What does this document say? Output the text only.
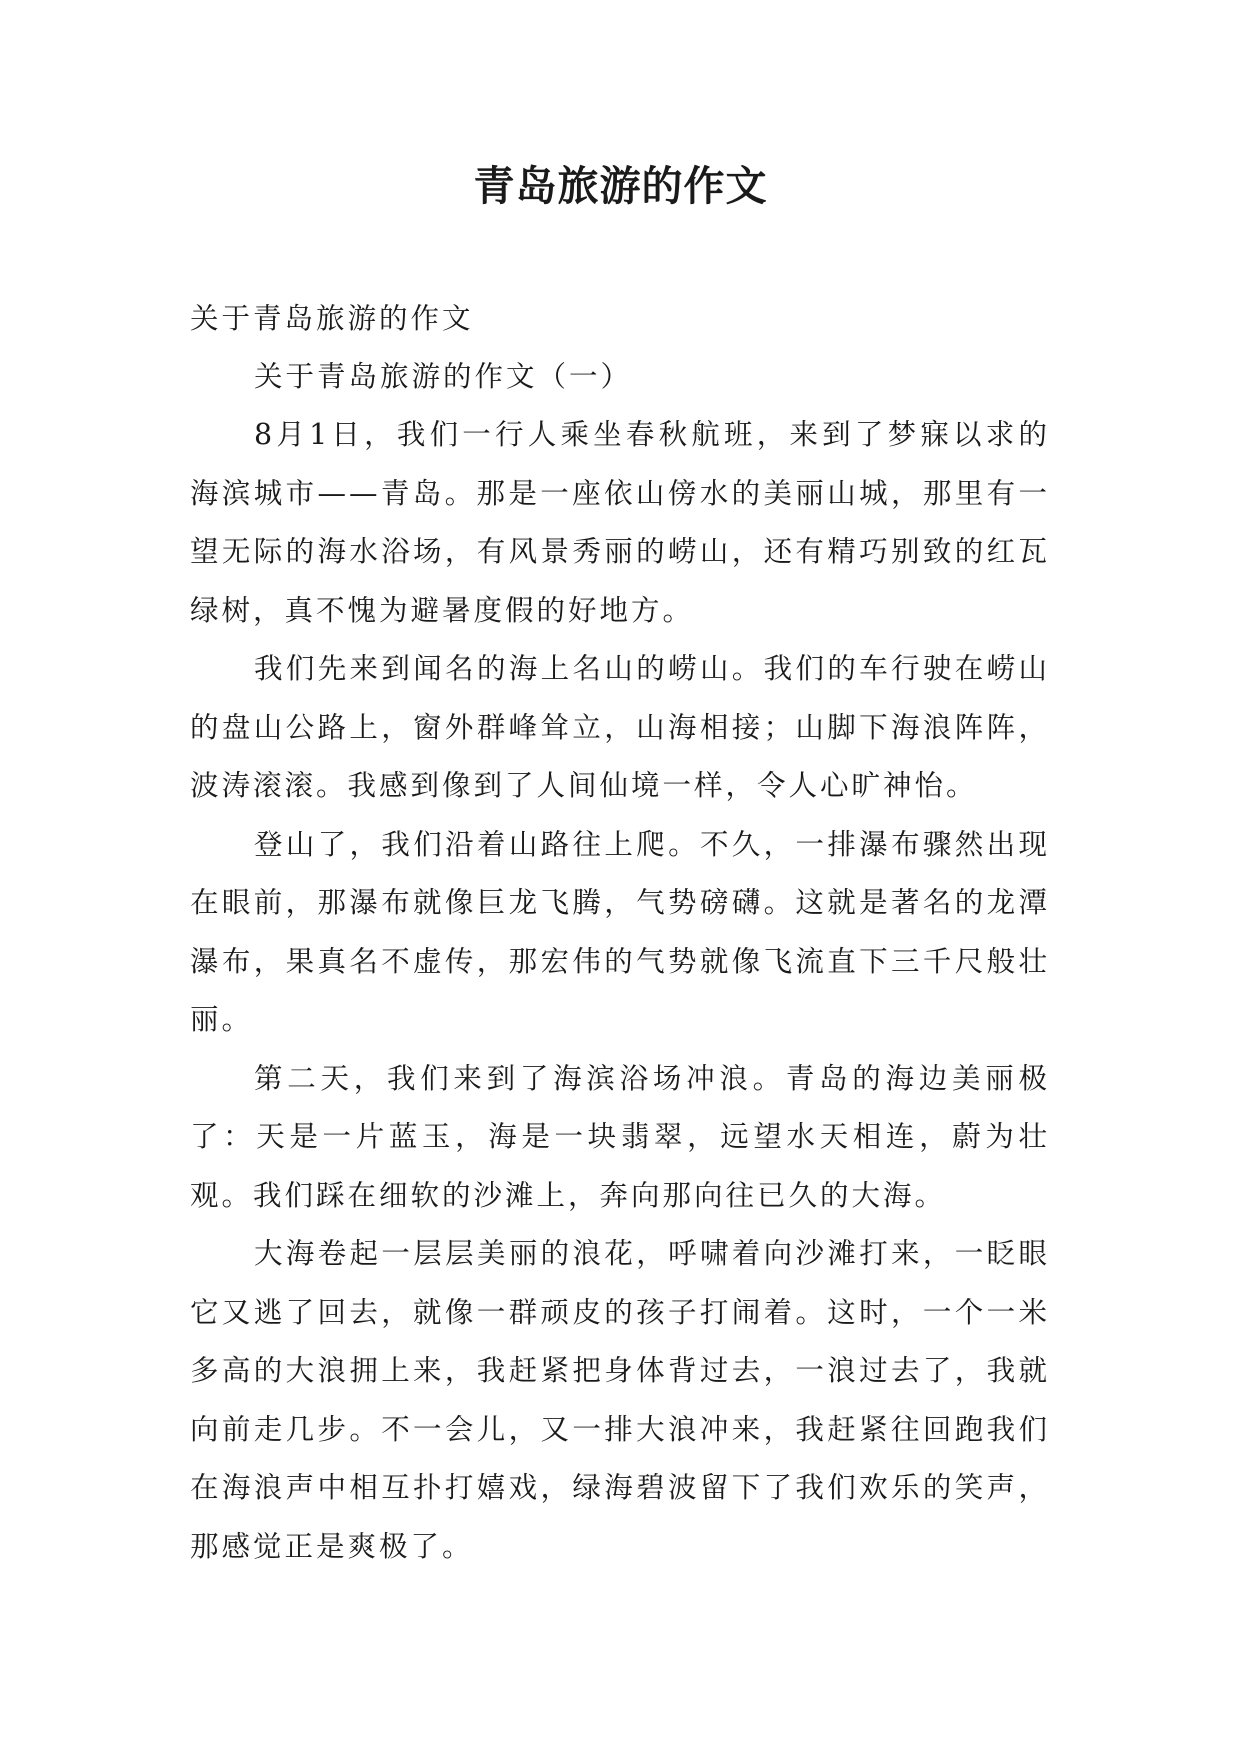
青岛旅游的作文

关于青岛旅游的作文

关于青岛旅游的作文（一）

8月1日，我们一行人乘坐春秋航班，来到了梦寐以求的海滨城市——青岛。那是一座依山傍水的美丽山城，那里有一望无际的海水浴场，有风景秀丽的崂山，还有精巧别致的红瓦绿树，真不愧为避暑度假的好地方。

我们先来到闻名的海上名山的崂山。我们的车行驶在崂山的盘山公路上，窗外群峰耸立，山海相接；山脚下海浪阵阵，波涛滚滚。我感到像到了人间仙境一样，令人心旷神怡。

登山了，我们沿着山路往上爬。不久，一排瀑布骤然出现在眼前，那瀑布就像巨龙飞腾，气势磅礴。这就是著名的龙潭瀑布，果真名不虚传，那宏伟的气势就像飞流直下三千尺般壮丽。

第二天，我们来到了海滨浴场冲浪。青岛的海边美丽极了：天是一片蓝玉，海是一块翡翠，远望水天相连，蔚为壮观。我们踩在细软的沙滩上，奔向那向往已久的大海。

大海卷起一层层美丽的浪花，呼啸着向沙滩打来，一眨眼它又逃了回去，就像一群顽皮的孩子打闹着。这时，一个一米多高的大浪拥上来，我赶紧把身体背过去，一浪过去了，我就向前走几步。不一会儿，又一排大浪冲来，我赶紧往回跑我们在海浪声中相互扑打嬉戏，绿海碧波留下了我们欢乐的笑声，那感觉正是爽极了。
